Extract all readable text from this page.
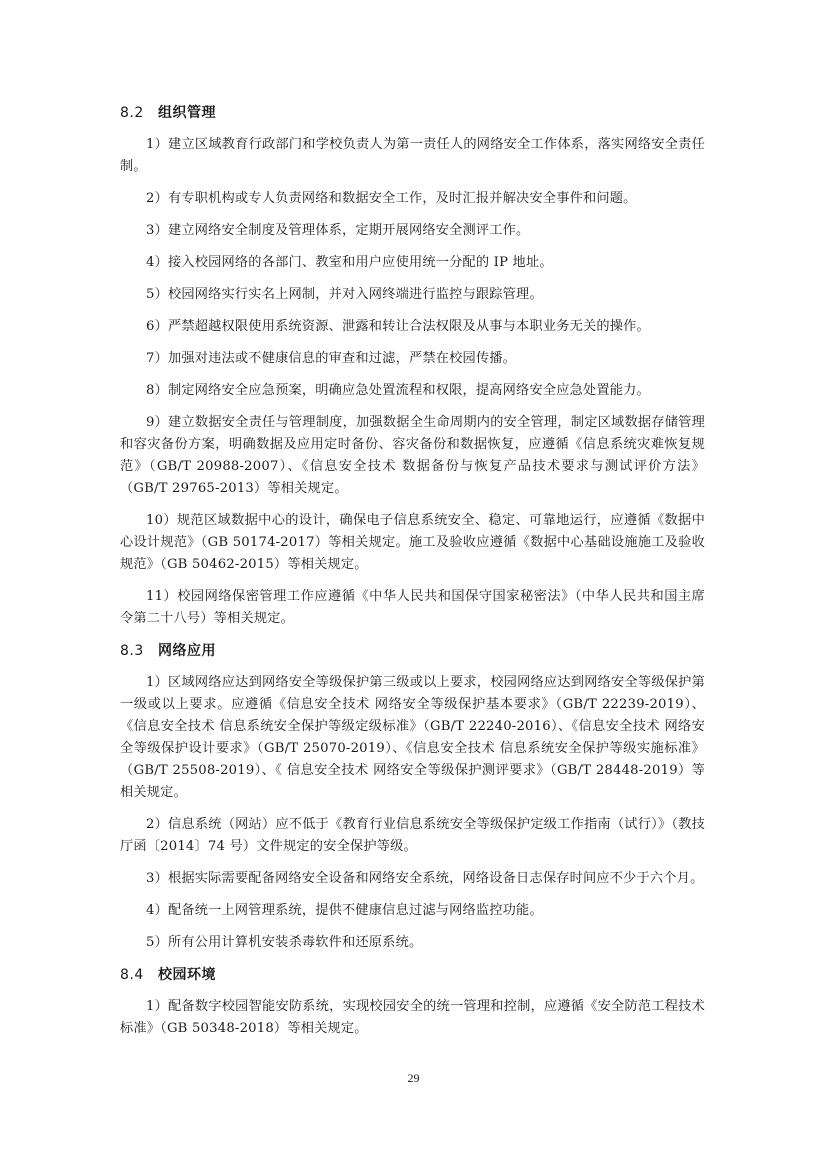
8.2 组织管理

1）建立区域教育行政部门和学校负责人为第一责任人的网络安全工作体系，落实网络安全责任制。

2）有专职机构或专人负责网络和数据安全工作，及时汇报并解决安全事件和问题。

3）建立网络安全制度及管理体系，定期开展网络安全测评工作。

4）接入校园网络的各部门、教室和用户应使用统一分配的 IP 地址。

5）校园网络实行实名上网制，并对入网终端进行监控与跟踪管理。

6）严禁超越权限使用系统资源、泄露和转让合法权限及从事与本职业务无关的操作。

7）加强对违法或不健康信息的审查和过滤，严禁在校园传播。

8）制定网络安全应急预案，明确应急处置流程和权限，提高网络安全应急处置能力。

9）建立数据安全责任与管理制度，加强数据全生命周期内的安全管理，制定区域数据存储管理和容灾备份方案，明确数据及应用定时备份、容灾备份和数据恢复，应遵循《信息系统灾难恢复规范》（GB/T 20988-2007）、《信息安全技术 数据备份与恢复产品技术要求与测试评价方法》（GB/T 29765-2013）等相关规定。

10）规范区域数据中心的设计，确保电子信息系统安全、稳定、可靠地运行，应遵循《数据中心设计规范》（GB 50174-2017）等相关规定。施工及验收应遵循《数据中心基础设施施工及验收规范》（GB 50462-2015）等相关规定。

11）校园网络保密管理工作应遵循《中华人民共和国保守国家秘密法》（中华人民共和国主席令第二十八号）等相关规定。

8.3 网络应用

1）区域网络应达到网络安全等级保护第三级或以上要求，校园网络应达到网络安全等级保护第一级或以上要求。应遵循《信息安全技术 网络安全等级保护基本要求》（GB/T 22239-2019）、《信息安全技术 信息系统安全保护等级定级标准》（GB/T 22240-2016）、《信息安全技术 网络安全等级保护设计要求》（GB/T 25070-2019）、《信息安全技术 信息系统安全保护等级实施标准》（GB/T 25508-2019）、《 信息安全技术 网络安全等级保护测评要求》（GB/T 28448-2019）等相关规定。

2）信息系统（网站）应不低于《教育行业信息系统安全等级保护定级工作指南（试行）》（教技厅函〔2014〕74 号）文件规定的安全保护等级。

3）根据实际需要配备网络安全设备和网络安全系统，网络设备日志保存时间应不少于六个月。

4）配备统一上网管理系统，提供不健康信息过滤与网络监控功能。

5）所有公用计算机安装杀毒软件和还原系统。

8.4 校园环境

1）配备数字校园智能安防系统，实现校园安全的统一管理和控制，应遵循《安全防范工程技术标准》（GB 50348-2018）等相关规定。

29
